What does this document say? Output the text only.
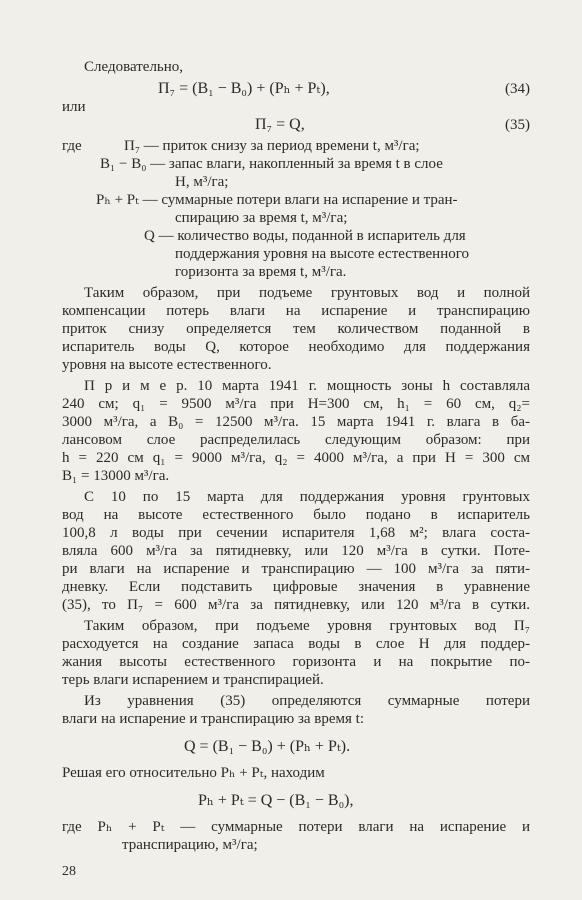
Следовательно,
П₇ = (B₁ − B₀) + (Pₕ + Pₜ),	(34)
или
П₇ = Q,	(35)
где	П₇ — приток снизу за период времени t, м³/га;
B₁ − B₀ — запас влаги, накопленный за время t в слое
H, м³/га;
Pₕ + Pₜ — суммарные потери влаги на испарение и тран-
спирацию за время t, м³/га;
Q — количество воды, поданной в испаритель для
поддержания уровня на высоте естественного
горизонта за время t, м³/га.
Таким образом, при подъеме грунтовых вод и полной
компенсации потерь влаги на испарение и транспирацию
приток снизу определяется тем количеством поданной в
испаритель воды Q, которое необходимо для поддержания
уровня на высоте естественного.
П р и м е р. 10 марта 1941 г. мощность зоны h составляла
240 см; q₁ = 9500 м³/га при H=300 см, h₁ = 60 см, q₂=
3000 м³/га, а B₀ = 12500 м³/га. 15 марта 1941 г. влага в ба-
лансовом слое распределилась следующим образом: при
h = 220 см q₁ = 9000 м³/га, q₂ = 4000 м³/га, а при H = 300 см
B₁ = 13000 м³/га.
С 10 по 15 марта для поддержания уровня грунтовых
вод на высоте естественного было подано в испаритель
100,8 л воды при сечении испарителя 1,68 м²; влага соста-
вляла 600 м³/га за пятидневку, или 120 м³/га в сутки. Поте-
ри влаги на испарение и транспирацию — 100 м³/га за пяти-
дневку. Если подставить цифровые значения в уравнение
(35), то П₇ = 600 м³/га за пятидневку, или 120 м³/га в сутки.
Таким образом, при подъеме уровня грунтовых вод П₇
расходуется на создание запаса воды в слое H для поддер-
жания высоты естественного горизонта и на покрытие по-
терь влаги испарением и транспирацией.
Из уравнения (35) определяются суммарные потери
влаги на испарение и транспирацию за время t:
Q = (B₁ − B₀) + (Pₕ + Pₜ).
Решая его относительно Pₕ + Pₜ, находим
Pₕ + Pₜ = Q − (B₁ − B₀),
где Pₕ + Pₜ — суммарные потери влаги на испарение и
транспирацию, м³/га;
28
